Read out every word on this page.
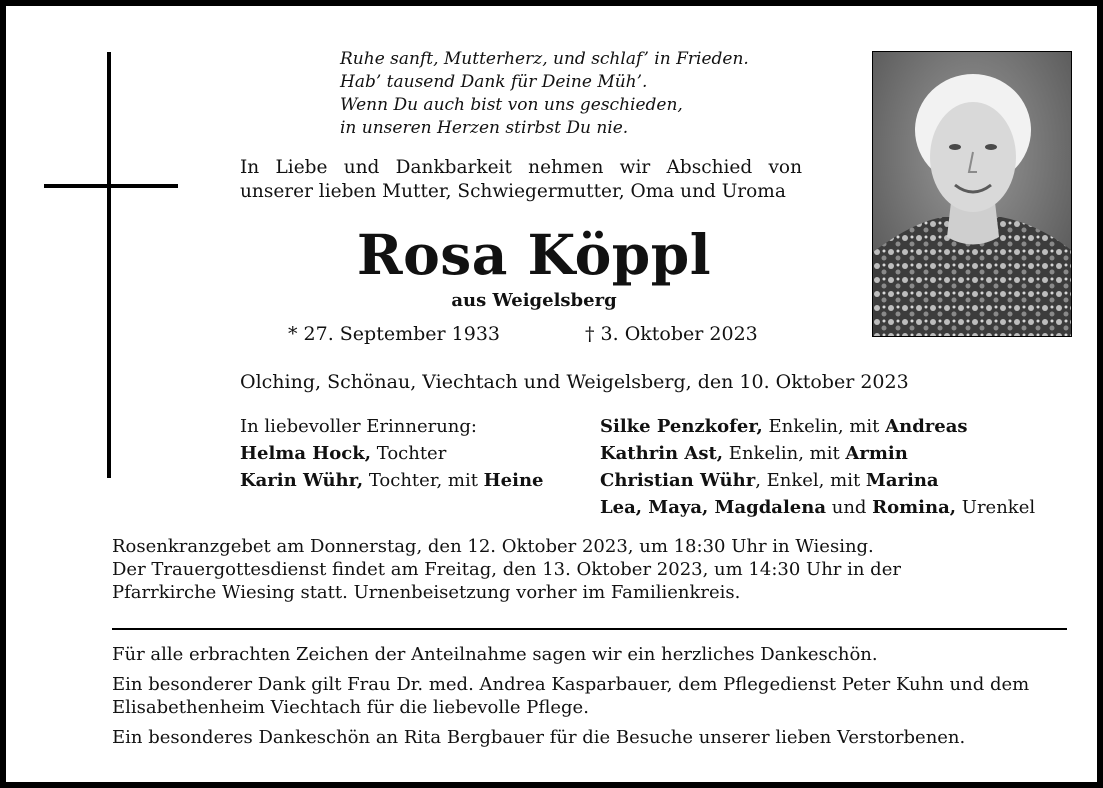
Ruhe sanft, Mutterherz, und schlaf’ in Frieden.
Hab’ tausend Dank für Deine Müh’.
Wenn Du auch bist von uns geschieden,
in unseren Herzen stirbst Du nie.
In Liebe und Dankbarkeit nehmen wir Abschied von unserer lieben Mutter, Schwiegermutter, Oma und Uroma
Rosa Köppl
aus Weigelsberg
* 27. September 1933	† 3. Oktober 2023
Olching, Schönau, Viechtach und Weigelsberg, den 10. Oktober 2023
In liebevoller Erinnerung:
Helma Hock, Tochter
Karin Wühr, Tochter, mit Heine
Silke Penzkofer, Enkelin, mit Andreas
Kathrin Ast, Enkelin, mit Armin
Christian Wühr, Enkel, mit Marina
Lea, Maya, Magdalena und Romina, Urenkel
Rosenkranzgebet am Donnerstag, den 12. Oktober 2023, um 18:30 Uhr in Wiesing.
Der Trauergottesdienst findet am Freitag, den 13. Oktober 2023, um 14:30 Uhr in der
Pfarrkirche Wiesing statt. Urnenbeisetzung vorher im Familienkreis.

Für alle erbrachten Zeichen der Anteilnahme sagen wir ein herzliches Dankeschön.

Ein besonderer Dank gilt Frau Dr. med. Andrea Kasparbauer, dem Pflegedienst Peter Kuhn und dem Elisabethenheim Viechtach für die liebevolle Pflege.

Ein besonderes Dankeschön an Rita Bergbauer für die Besuche unserer lieben Verstorbenen.
